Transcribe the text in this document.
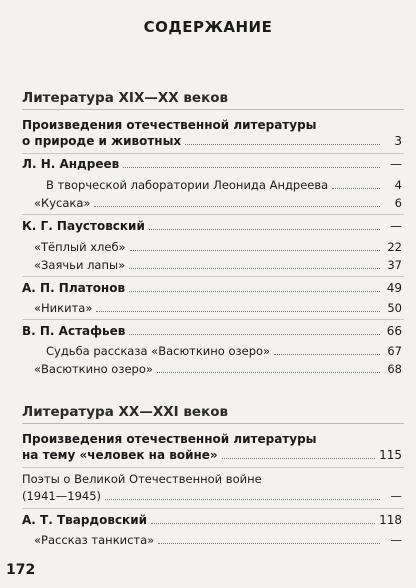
СОДЕРЖАНИЕ
Литература XIX—XX веков
Произведения отечественной литературы
о природе и животных	3
Л. Н. Андреев	—
В творческой лаборатории Леонида Андреева	4
«Кусака»	6
К. Г. Паустовский	—
«Тёплый хлеб»	22
«Заячьи лапы»	37
А. П. Платонов	49
«Никита»	50
В. П. Астафьев	66
Судьба рассказа «Васюткино озеро»	67
«Васюткино озеро»	68
Литература XX—XXI веков
Произведения отечественной литературы
на тему «человек на войне»	115
Поэты о Великой Отечественной войне
(1941—1945)	—
А. Т. Твардовский	118
«Рассказ танкиста»	—
172
